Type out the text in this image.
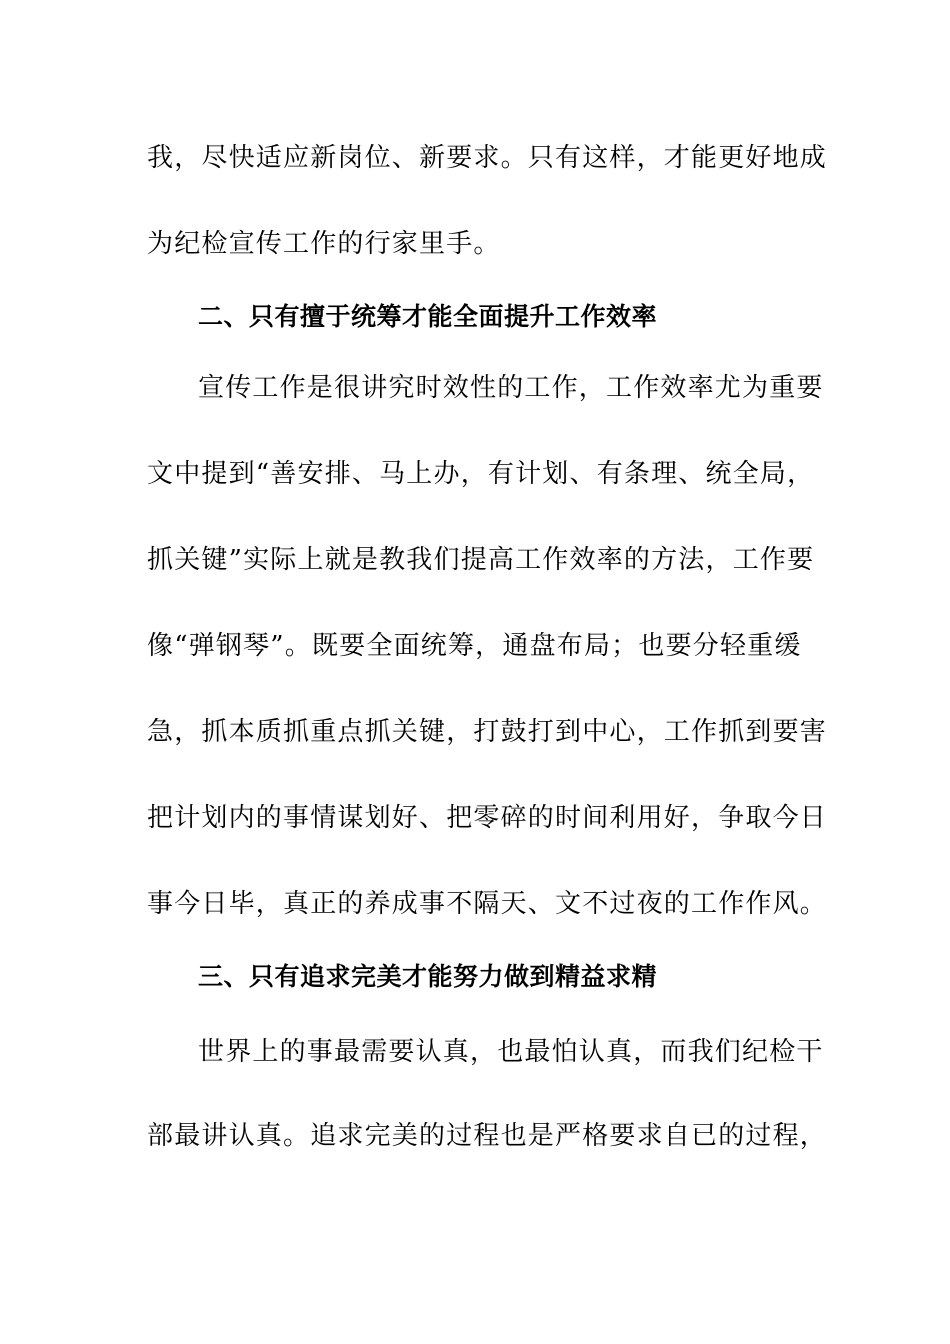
我，尽快适应新岗位、新要求。只有这样，才能更好地成
为纪检宣传工作的行家里手。
二、只有擅于统筹才能全面提升工作效率
宣传工作是很讲究时效性的工作，工作效率尤为重要
文中提到“善安排、马上办，有计划、有条理、统全局，
抓关键”实际上就是教我们提高工作效率的方法，工作要
像“弹钢琴”。既要全面统筹，通盘布局；也要分轻重缓
急，抓本质抓重点抓关键，打鼓打到中心，工作抓到要害
把计划内的事情谋划好、把零碎的时间利用好，争取今日
事今日毕，真正的养成事不隔天、文不过夜的工作作风。
三、只有追求完美才能努力做到精益求精
世界上的事最需要认真，也最怕认真，而我们纪检干
部最讲认真。追求完美的过程也是严格要求自已的过程，
